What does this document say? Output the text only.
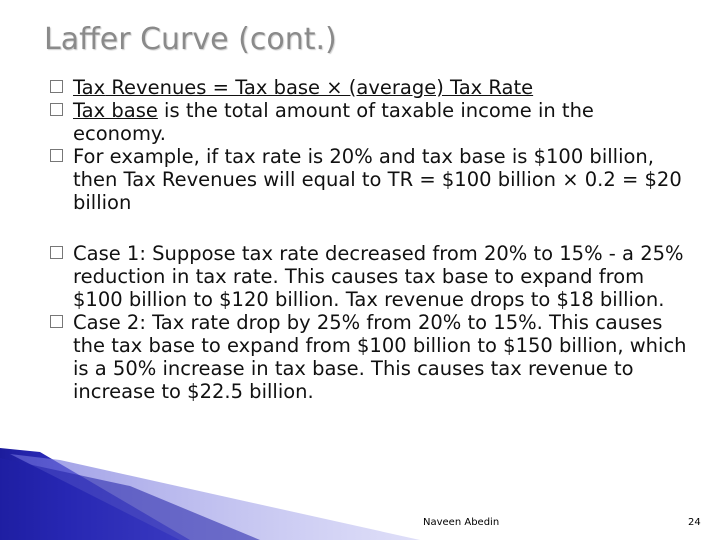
Laffer Curve (cont.)
Tax Revenues = Tax base × (average) Tax Rate
Tax base is the total amount of taxable income in the economy.
For example, if tax rate is 20% and tax base is $100 billion, then Tax Revenues will equal to TR = $100 billion × 0.2 = $20 billion
Case 1: Suppose tax rate decreased from 20% to 15% - a 25% reduction in tax rate. This causes tax base to expand from $100 billion to $120 billion. Tax revenue drops to $18 billion.
Case 2: Tax rate drop by 25% from 20% to 15%. This causes the tax base to expand from $100 billion to $150 billion, which is a 50% increase in tax base. This causes tax revenue to increase to $22.5 billion.
Naveen Abedin	24
